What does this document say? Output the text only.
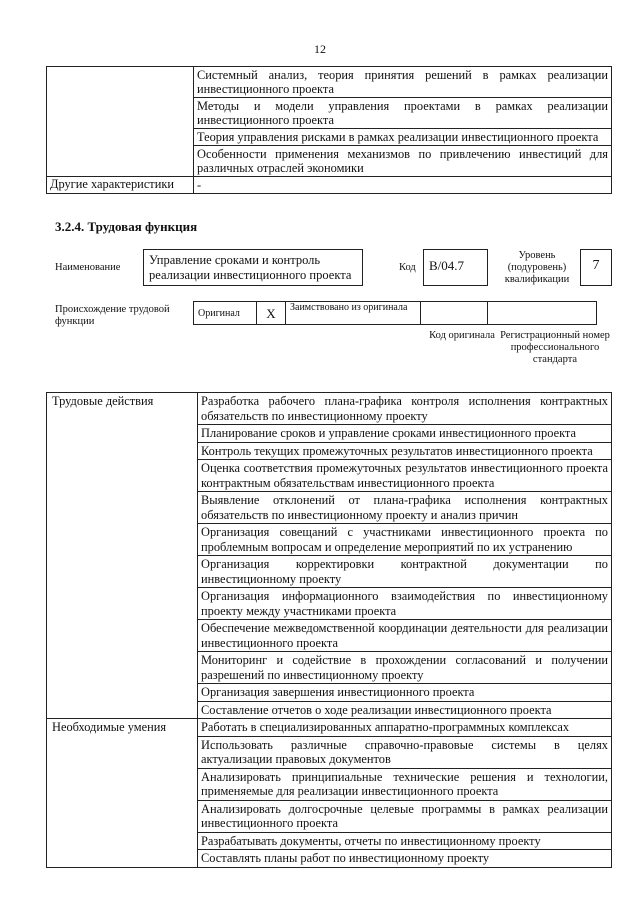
12
	Системный анализ, теория принятия решений в рамках реализации инвестиционного проекта
	Методы и модели управления проектами в рамках реализации инвестиционного проекта
	Теория управления рисками в рамках реализации инвестиционного проекта
	Особенности применения механизмов по привлечению инвестиций для различных отраслей экономики
Другие характеристики	-
3.2.4. Трудовая функция
Наименование
Управление сроками и контроль реализации инвестиционного проекта
Код	В/04.7
Уровень (подуровень) квалификации
7
Происхождение трудовой функции
Оригинал	X	Заимствовано из оригинала		
Код оригинала Регистрационный номер профессионального стандарта
Трудовые действия	Разработка рабочего плана-графика контроля исполнения контрактных обязательств по инвестиционному проекту
	Планирование сроков и управление сроками инвестиционного проекта
	Контроль текущих промежуточных результатов инвестиционного проекта
	Оценка соответствия промежуточных результатов инвестиционного проекта контрактным обязательствам инвестиционного проекта
	Выявление отклонений от плана-графика исполнения контрактных обязательств по инвестиционному проекту и анализ причин
	Организация совещаний с участниками инвестиционного проекта по проблемным вопросам и определение мероприятий по их устранению
	Организация корректировки контрактной документации по инвестиционному проекту
	Организация информационного взаимодействия по инвестиционному проекту между участниками проекта
	Обеспечение межведомственной координации деятельности для реализации инвестиционного проекта
	Мониторинг и содействие в прохождении согласований и получении разрешений по инвестиционному проекту
	Организация завершения инвестиционного проекта
	Составление отчетов о ходе реализации инвестиционного проекта
Необходимые умения	Работать в специализированных аппаратно-программных комплексах
	Использовать различные справочно-правовые системы в целях актуализации правовых документов
	Анализировать принципиальные технические решения и технологии, применяемые для реализации инвестиционного проекта
	Анализировать долгосрочные целевые программы в рамках реализации инвестиционного проекта
	Разрабатывать документы, отчеты по инвестиционному проекту
	Составлять планы работ по инвестиционному проекту
